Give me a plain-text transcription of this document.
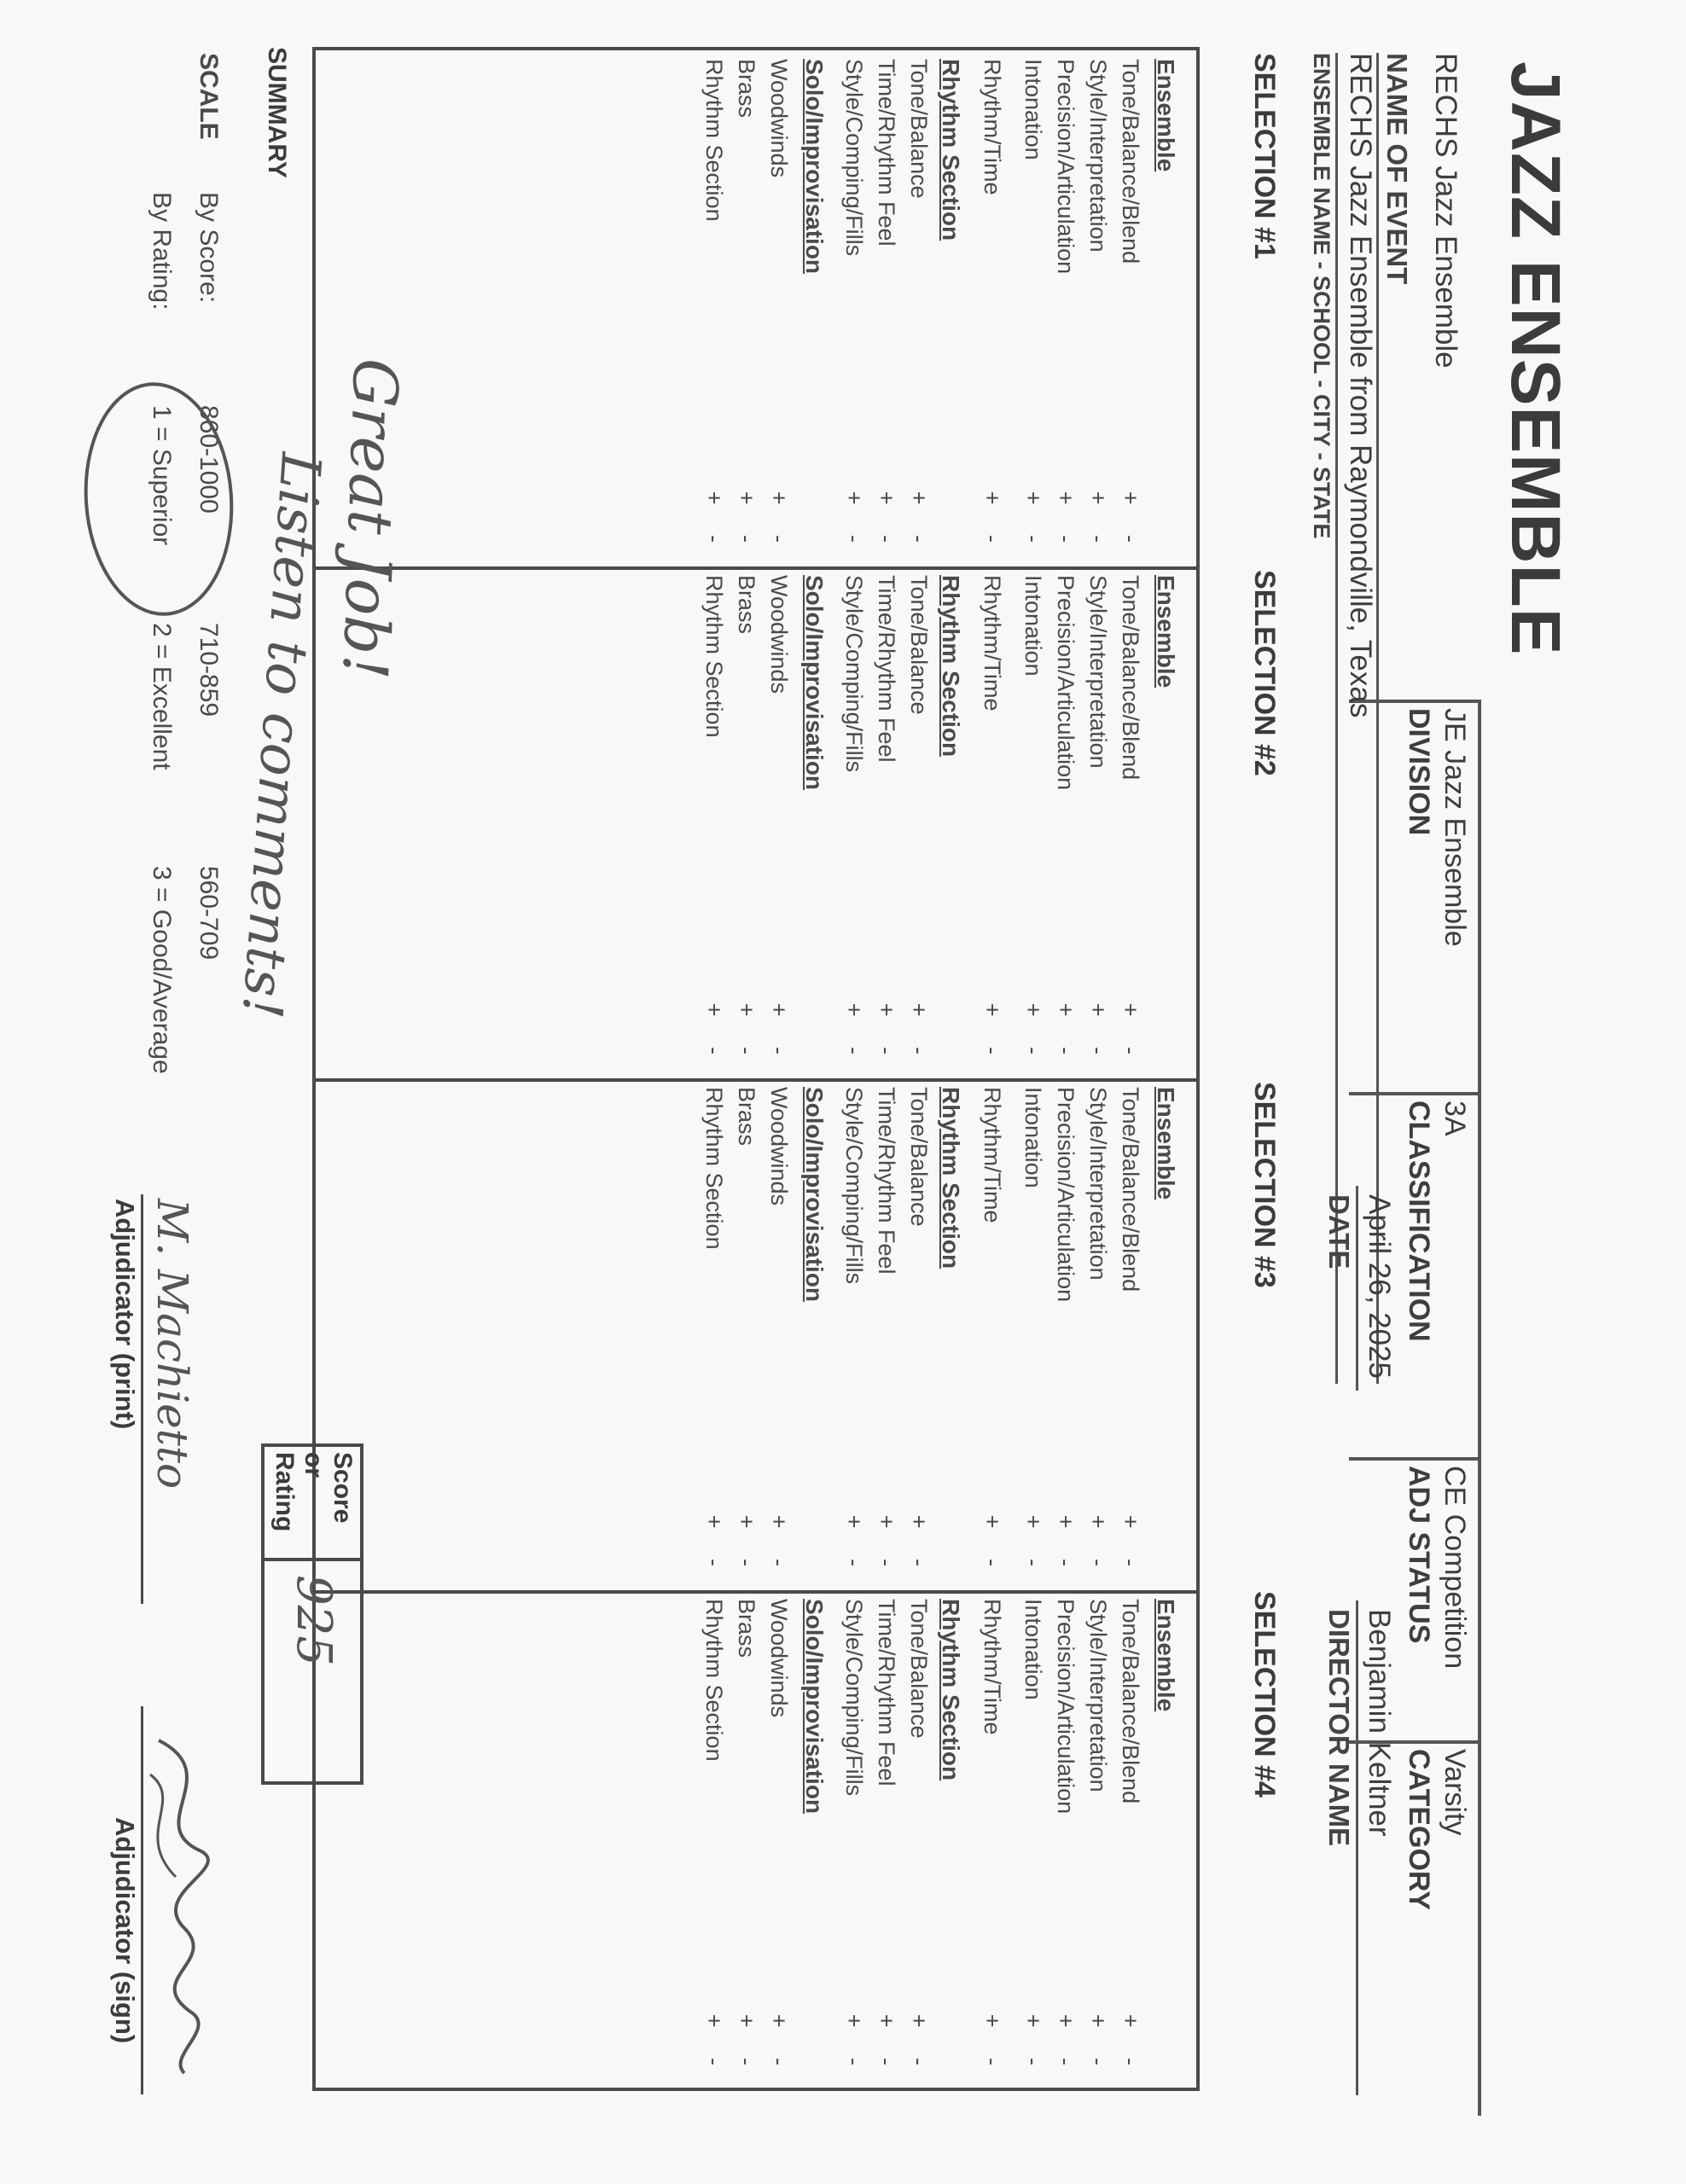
JAZZ ENSEMBLE
JE Jazz Ensemble
DIVISION
3A
CLASSIFICATION
CE Competition
ADJ STATUS
Varsity
CATEGORY
RECHS Jazz Ensemble
NAME OF EVENT
RECHS Jazz Ensemble from Raymondville, Texas
ENSEMBLE NAME - SCHOOL - CITY - STATE
April 26, 2025
DATE
Benjamin Keltner
DIRECTOR NAME
SELECTION #1
SELECTION #2
SELECTION #3
SELECTION #4
Ensemble
Tone/Balance/Blend
+ -
Style/Interpretation
+ -
Precision/Articulation
+ -
Intonation
+ -
Rhythm/Time
+ -
Rhythm Section
Tone/Balance
+ -
Time/Rhythm Feel
+ -
Style/Comping/Fills
+ -
Solo/Improvisation
Woodwinds
+ -
Brass
+ -
Rhythm Section
+ -
Ensemble
Tone/Balance/Blend
+ -
Style/Interpretation
+ -
Precision/Articulation
+ -
Intonation
+ -
Rhythm/Time
+ -
Rhythm Section
Tone/Balance
+ -
Time/Rhythm Feel
+ -
Style/Comping/Fills
+ -
Solo/Improvisation
Woodwinds
+ -
Brass
+ -
Rhythm Section
+ -
Ensemble
Tone/Balance/Blend
+ -
Style/Interpretation
+ -
Precision/Articulation
+ -
Intonation
+ -
Rhythm/Time
+ -
Rhythm Section
Tone/Balance
+ -
Time/Rhythm Feel
+ -
Style/Comping/Fills
+ -
Solo/Improvisation
Woodwinds
+ -
Brass
+ -
Rhythm Section
+ -
Ensemble
Tone/Balance/Blend
+ -
Style/Interpretation
+ -
Precision/Articulation
+ -
Intonation
+ -
Rhythm/Time
+ -
Rhythm Section
Tone/Balance
+ -
Time/Rhythm Feel
+ -
Style/Comping/Fills
+ -
Solo/Improvisation
Woodwinds
+ -
Brass
+ -
Rhythm Section
+ -
SUMMARY
Great Job!
Listen to comments!
SCALE
By Score:
By Rating:
860-1000
1 = Superior
710-859
2 = Excellent
560-709
3 = Good/Average
Score or Rating
925
M. Machietto
Adjudicator (print)
Adjudicator (sign)
